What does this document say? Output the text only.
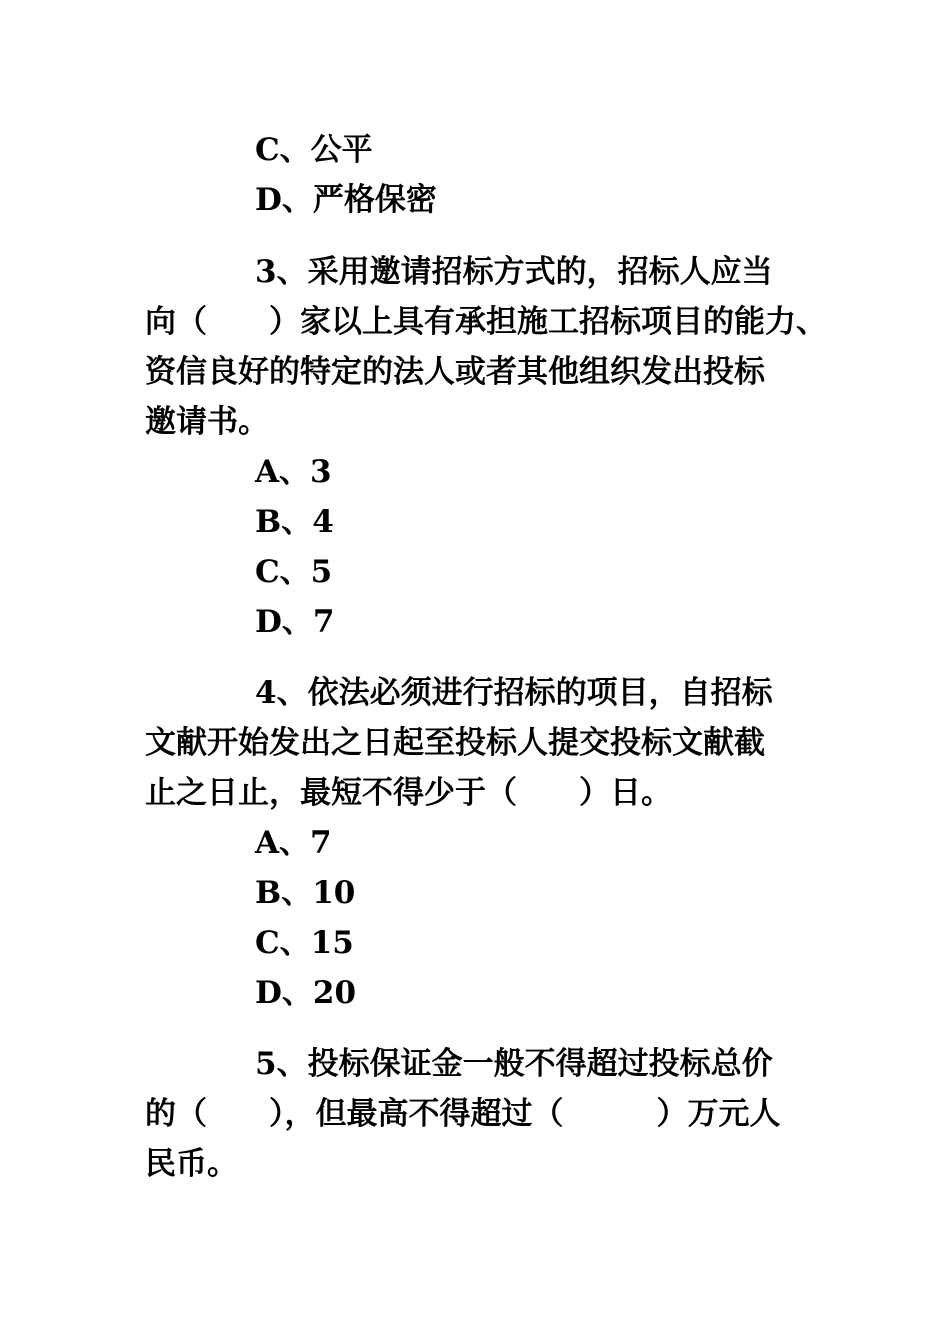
C、公平
D、严格保密
3、采用邀请招标方式的，招标人应当
向（　　）家以上具有承担施工招标项目的能力、
资信良好的特定的法人或者其他组织发出投标
邀请书。
A、3
B、4
C、5
D、7
4、依法必须进行招标的项目，自招标
文献开始发出之日起至投标人提交投标文献截
止之日止，最短不得少于（　　）日。
A、7
B、10
C、15
D、20
5、投标保证金一般不得超过投标总价
的（　　），但最高不得超过（　　　）万元人
民币。
